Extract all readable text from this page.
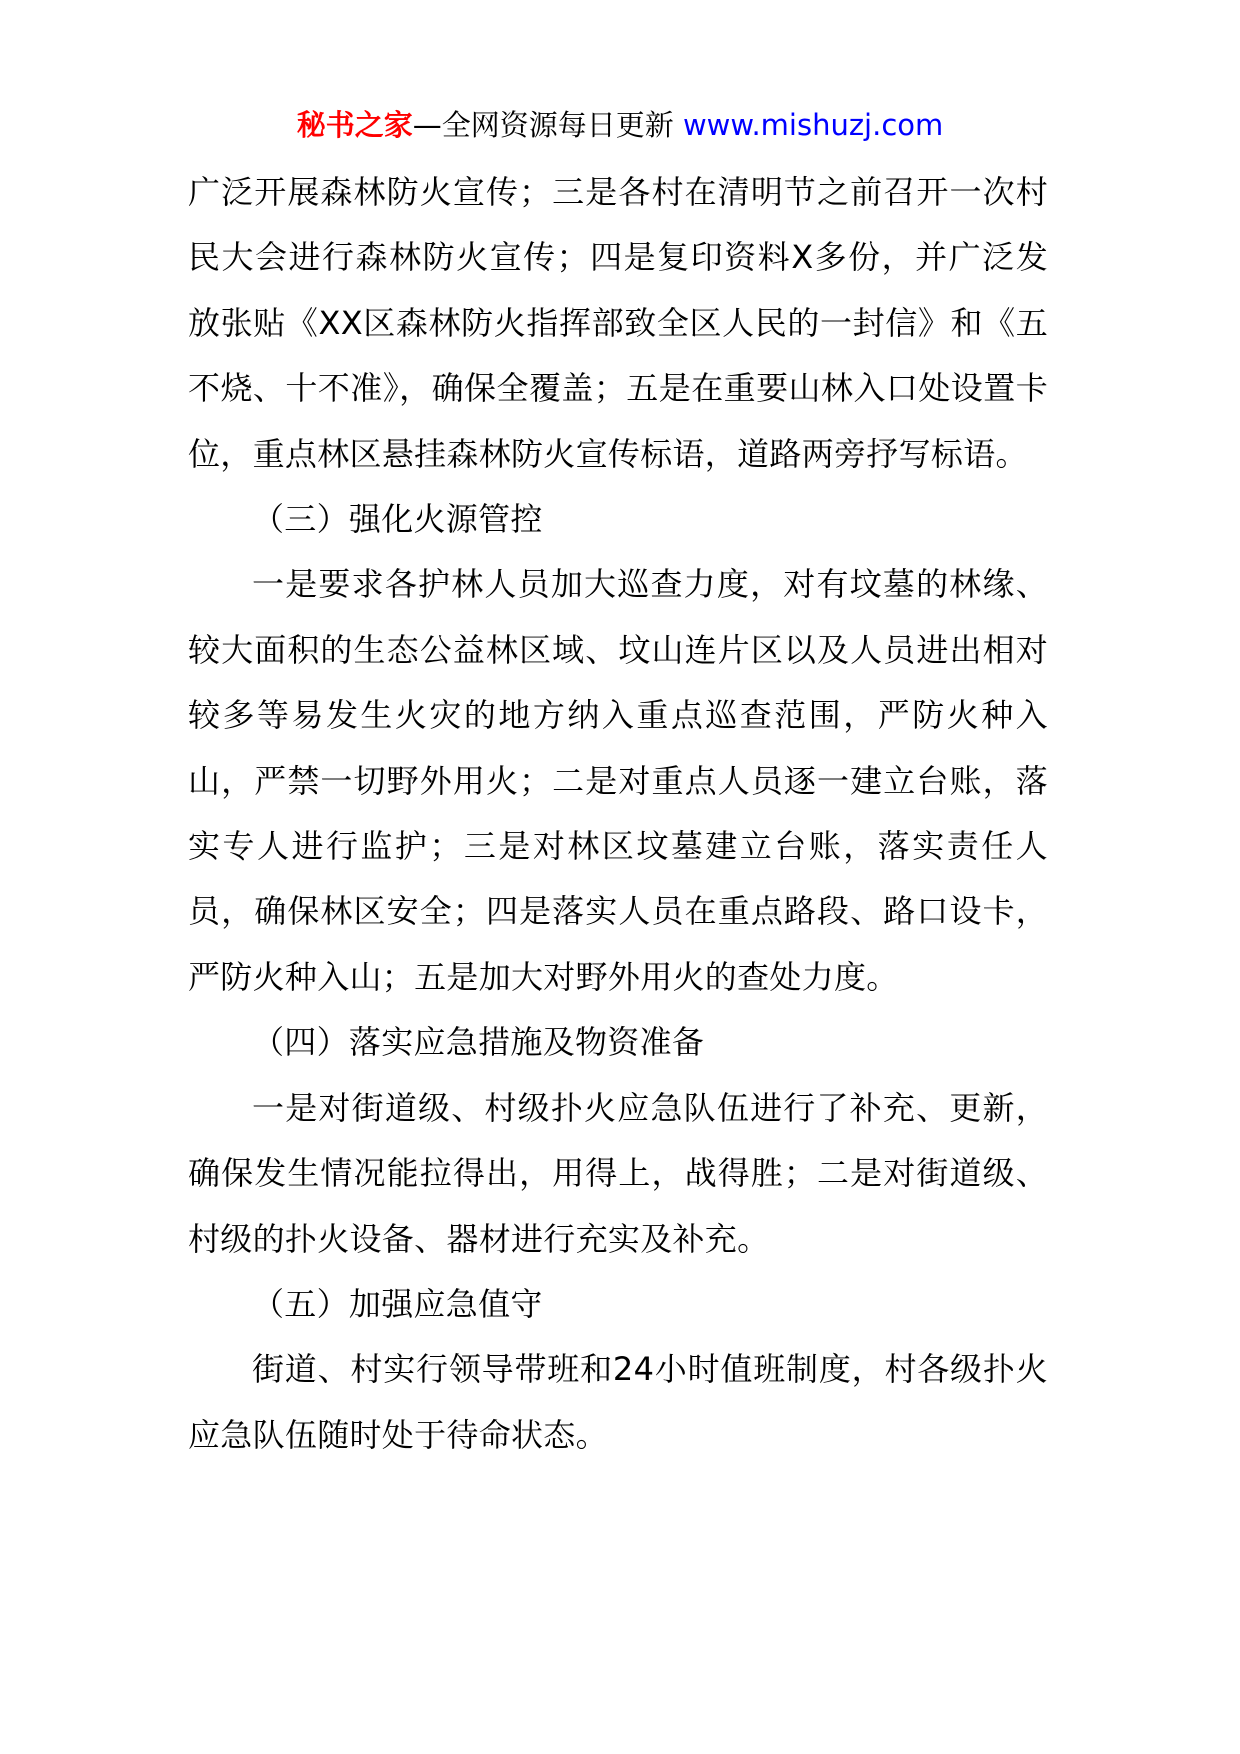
秘书之家—全网资源每日更新 www.mishuzj.com

广泛开展森林防火宣传；三是各村在清明节之前召开一次村民大会进行森林防火宣传；四是复印资料X多份，并广泛发放张贴《XX区森林防火指挥部致全区人民的一封信》和《五不烧、十不准》，确保全覆盖；五是在重要山林入口处设置卡位，重点林区悬挂森林防火宣传标语，道路两旁抒写标语。

（三）强化火源管控

一是要求各护林人员加大巡查力度，对有坟墓的林缘、较大面积的生态公益林区域、坟山连片区以及人员进出相对较多等易发生火灾的地方纳入重点巡查范围，严防火种入山，严禁一切野外用火；二是对重点人员逐一建立台账，落实专人进行监护；三是对林区坟墓建立台账，落实责任人员，确保林区安全；四是落实人员在重点路段、路口设卡，严防火种入山；五是加大对野外用火的查处力度。

（四）落实应急措施及物资准备

一是对街道级、村级扑火应急队伍进行了补充、更新，确保发生情况能拉得出，用得上，战得胜；二是对街道级、村级的扑火设备、器材进行充实及补充。

（五）加强应急值守

街道、村实行领导带班和24小时值班制度，村各级扑火应急队伍随时处于待命状态。
